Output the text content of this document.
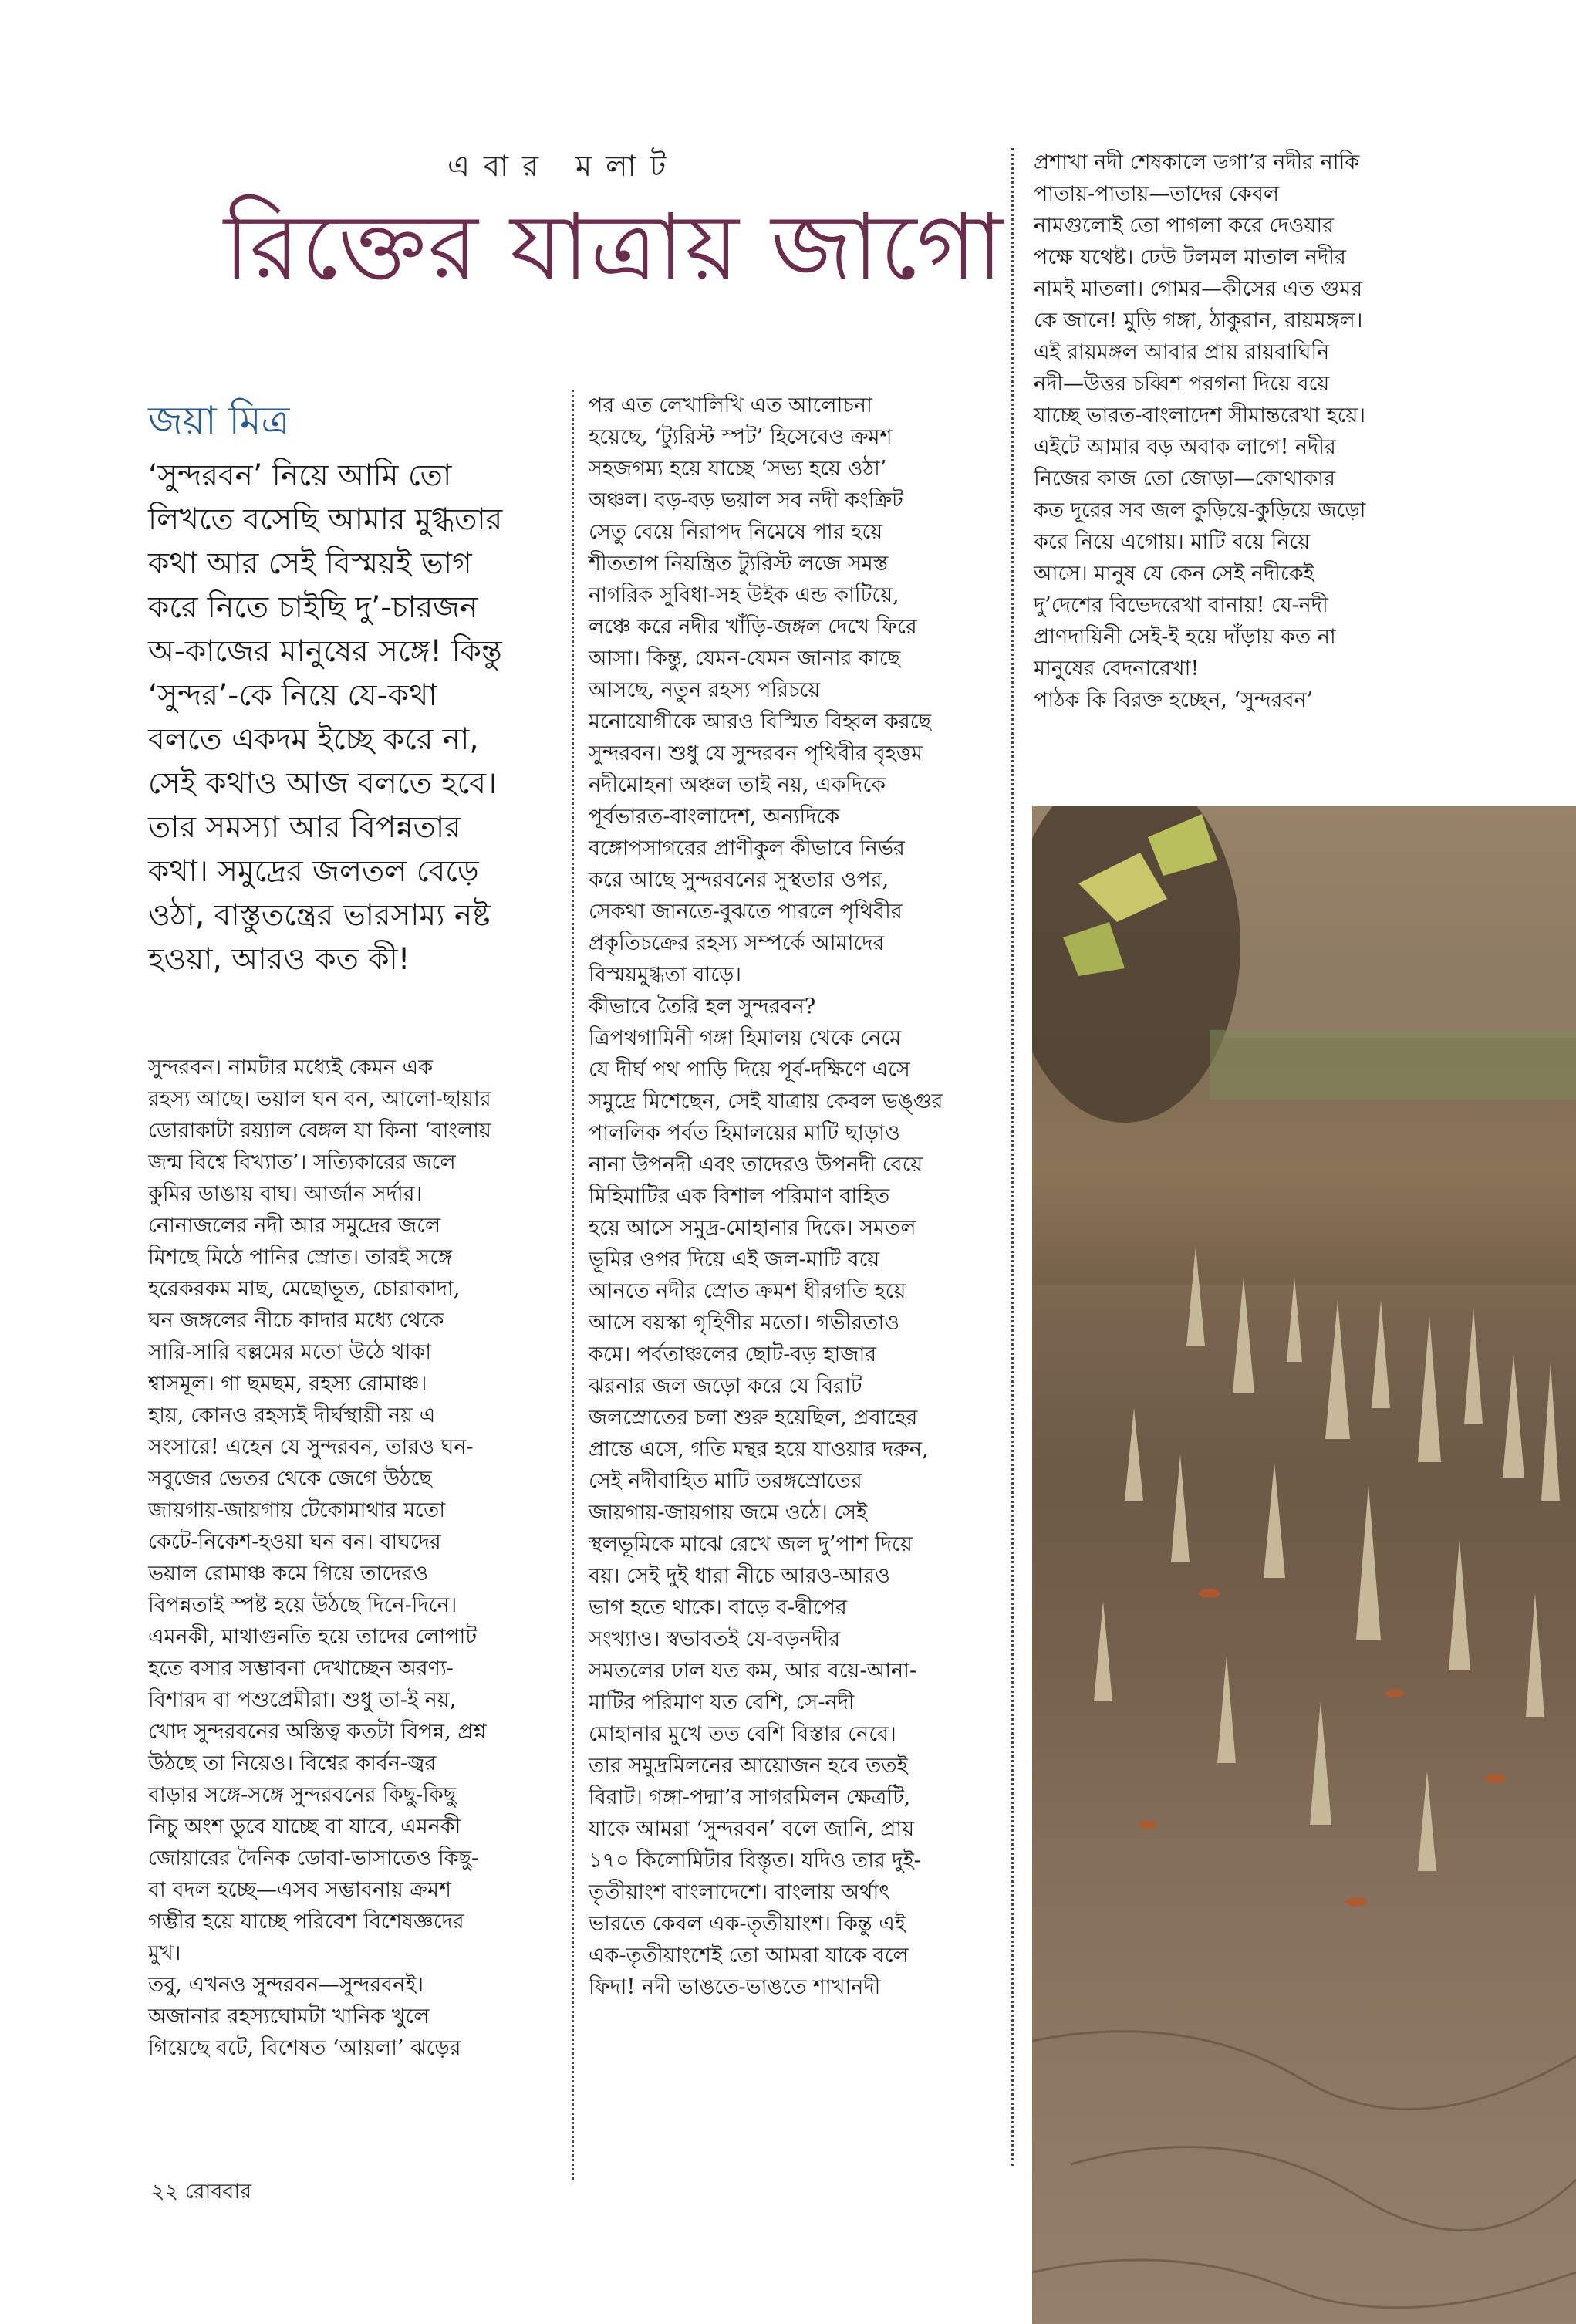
এবার মলাট
রিক্তের যাত্রায় জাগো
জয়া মিত্র

‘সুন্দরবন’ নিয়ে আমি তো

লিখতে বসেছি আমার মুগ্ধতার

কথা আর সেই বিস্ময়ই ভাগ

করে নিতে চাইছি দু’-চারজন

অ-কাজের মানুষের সঙ্গে! কিন্তু

‘সুন্দর’-কে নিয়ে যে-কথা

বলতে একদম ইচ্ছে করে না,

সেই কথাও আজ বলতে হবে।

তার সমস্যা আর বিপন্নতার

কথা। সমুদ্রের জলতল বেড়ে

ওঠা, বাস্তুতন্ত্রের ভারসাম্য নষ্ট

হওয়া, আরও কত কী!

সুন্দরবন। নামটার মধ্যেই কেমন এক

রহস্য আছে। ভয়াল ঘন বন, আলো-ছায়ার

ডোরাকাটা রয়্যাল বেঙ্গল যা কিনা ‘বাংলায়

জন্ম বিশ্বে বিখ্যাত’। সত্যিকারের জলে

কুমির ডাঙায় বাঘ। আর্জান সর্দার।

নোনাজলের নদী আর সমুদ্রের জলে

মিশছে মিঠে পানির স্রোত। তারই সঙ্গে

হরেকরকম মাছ, মেছোভূত, চোরাকাদা,

ঘন জঙ্গলের নীচে কাদার মধ্যে থেকে

সারি-সারি বল্লমের মতো উঠে থাকা

শ্বাসমূল। গা ছমছম, রহস্য রোমাঞ্চ।

হায়, কোনও রহস্যই দীর্ঘস্থায়ী নয় এ

সংসারে! এহেন যে সুন্দরবন, তারও ঘন-

সবুজের ভেতর থেকে জেগে উঠছে

জায়গায়-জায়গায় টেকোমাথার মতো

কেটে-নিকেশ-হওয়া ঘন বন। বাঘদের

ভয়াল রোমাঞ্চ কমে গিয়ে তাদেরও

বিপন্নতাই স্পষ্ট হয়ে উঠছে দিনে-দিনে।

এমনকী, মাথাগুনতি হয়ে তাদের লোপাট

হতে বসার সম্ভাবনা দেখাচ্ছেন অরণ্য-

বিশারদ বা পশুপ্রেমীরা। শুধু তা-ই নয়,

খোদ সুন্দরবনের অস্তিত্ব কতটা বিপন্ন, প্রশ্ন

উঠছে তা নিয়েও। বিশ্বের কার্বন-জ্বর

বাড়ার সঙ্গে-সঙ্গে সুন্দরবনের কিছু-কিছু

নিচু অংশ ডুবে যাচ্ছে বা যাবে, এমনকী

জোয়ারের দৈনিক ডোবা-ভাসাতেও কিছু-

বা বদল হচ্ছে—এসব সম্ভাবনায় ক্রমশ

গম্ভীর হয়ে যাচ্ছে পরিবেশ বিশেষজ্ঞদের

মুখ।

তবু, এখনও সুন্দরবন—সুন্দরবনই।

অজানার রহস্যঘোমটা খানিক খুলে

গিয়েছে বটে, বিশেষত ‘আয়লা’ ঝড়ের

পর এত লেখালিখি এত আলোচনা

হয়েছে, ‘ট্যুরিস্ট স্পট’ হিসেবেও ক্রমশ

সহজগম্য হয়ে যাচ্ছে ‘সভ্য হয়ে ওঠা’

অঞ্চল। বড়-বড় ভয়াল সব নদী কংক্রিট

সেতু বেয়ে নিরাপদ নিমেষে পার হয়ে

শীততাপ নিয়ন্ত্রিত ট্যুরিস্ট লজে সমস্ত

নাগরিক সুবিধা-সহ উইক এন্ড কাটিয়ে,

লঞ্চে করে নদীর খাঁড়ি-জঙ্গল দেখে ফিরে

আসা। কিন্তু, যেমন-যেমন জানার কাছে

আসছে, নতুন রহস্য পরিচয়ে

মনোযোগীকে আরও বিস্মিত বিহ্বল করছে

সুন্দরবন। শুধু যে সুন্দরবন পৃথিবীর বৃহত্তম

নদীমোহনা অঞ্চল তাই নয়, একদিকে

পূর্বভারত-বাংলাদেশ, অন্যদিকে

বঙ্গোপসাগরের প্রাণীকুল কীভাবে নির্ভর

করে আছে সুন্দরবনের সুস্থতার ওপর,

সেকথা জানতে-বুঝতে পারলে পৃথিবীর

প্রকৃতিচক্রের রহস্য সম্পর্কে আমাদের

বিস্ময়মুগ্ধতা বাড়ে।

কীভাবে তৈরি হল সুন্দরবন?

ত্রিপথগামিনী গঙ্গা হিমালয় থেকে নেমে

যে দীর্ঘ পথ পাড়ি দিয়ে পূর্ব-দক্ষিণে এসে

সমুদ্রে মিশেছেন, সেই যাত্রায় কেবল ভঙ্গুর

পাললিক পর্বত হিমালয়ের মাটি ছাড়াও

নানা উপনদী এবং তাদেরও উপনদী বেয়ে

মিহিমাটির এক বিশাল পরিমাণ বাহিত

হয়ে আসে সমুদ্র-মোহানার দিকে। সমতল

ভূমির ওপর দিয়ে এই জল-মাটি বয়ে

আনতে নদীর স্রোত ক্রমশ ধীরগতি হয়ে

আসে বয়স্কা গৃহিণীর মতো। গভীরতাও

কমে। পর্বতাঞ্চলের ছোট-বড় হাজার

ঝরনার জল জড়ো করে যে বিরাট

জলস্রোতের চলা শুরু হয়েছিল, প্রবাহের

প্রান্তে এসে, গতি মন্থর হয়ে যাওয়ার দরুন,

সেই নদীবাহিত মাটি তরঙ্গস্রোতের

জায়গায়-জায়গায় জমে ওঠে। সেই

স্থলভূমিকে মাঝে রেখে জল দু’পাশ দিয়ে

বয়। সেই দুই ধারা নীচে আরও-আরও

ভাগ হতে থাকে। বাড়ে ব-দ্বীপের

সংখ্যাও। স্বভাবতই যে-বড়নদীর

সমতলের ঢাল যত কম, আর বয়ে-আনা-

মাটির পরিমাণ যত বেশি, সে-নদী

মোহানার মুখে তত বেশি বিস্তার নেবে।

তার সমুদ্রমিলনের আয়োজন হবে ততই

বিরাট। গঙ্গা-পদ্মা’র সাগরমিলন ক্ষেত্রটি,

যাকে আমরা ‘সুন্দরবন’ বলে জানি, প্রায়

১৭০ কিলোমিটার বিস্তৃত। যদিও তার দুই-

তৃতীয়াংশ বাংলাদেশে। বাংলায় অর্থাৎ

ভারতে কেবল এক-তৃতীয়াংশ। কিন্তু এই

এক-তৃতীয়াংশেই তো আমরা যাকে বলে

ফিদা! নদী ভাঙতে-ভাঙতে শাখানদী

প্রশাখা নদী শেষকালে ডগা’র নদীর নাকি

পাতায়-পাতায়—তাদের কেবল

নামগুলোই তো পাগলা করে দেওয়ার

পক্ষে যথেষ্ট। ঢেউ টলমল মাতাল নদীর

নামই মাতলা। গোমর—কীসের এত গুমর

কে জানে! মুড়ি গঙ্গা, ঠাকুরান, রায়মঙ্গল।

এই রায়মঙ্গল আবার প্রায় রায়বাঘিনি

নদী—উত্তর চব্বিশ পরগনা দিয়ে বয়ে

যাচ্ছে ভারত-বাংলাদেশ সীমান্তরেখা হয়ে।

এইটে আমার বড় অবাক লাগে! নদীর

নিজের কাজ তো জোড়া—কোথাকার

কত দূরের সব জল কুড়িয়ে-কুড়িয়ে জড়ো

করে নিয়ে এগোয়। মাটি বয়ে নিয়ে

আসে। মানুষ যে কেন সেই নদীকেই

দু’দেশের বিভেদরেখা বানায়! যে-নদী

প্রাণদায়িনী সেই-ই হয়ে দাঁড়ায় কত না

মানুষের বেদনারেখা!

পাঠক কি বিরক্ত হচ্ছেন, ‘সুন্দরবন’

২২ রোববার
